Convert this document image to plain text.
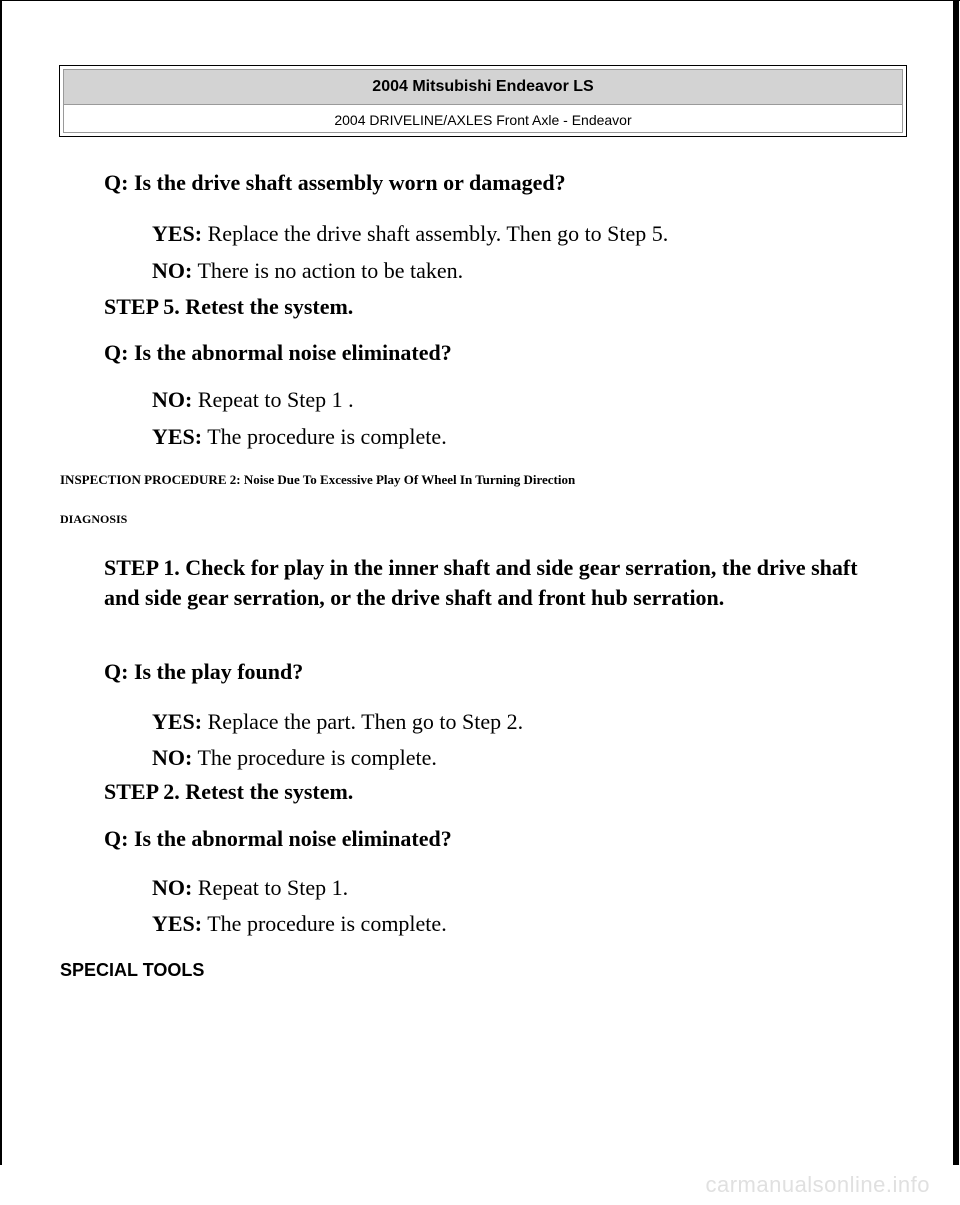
2004 Mitsubishi Endeavor LS
2004 DRIVELINE/AXLES Front Axle - Endeavor
Q: Is the drive shaft assembly worn or damaged?
YES: Replace the drive shaft assembly. Then go to Step 5.
NO: There is no action to be taken.
STEP 5. Retest the system.
Q: Is the abnormal noise eliminated?
NO: Repeat to Step 1 .
YES: The procedure is complete.
INSPECTION PROCEDURE 2: Noise Due To Excessive Play Of Wheel In Turning Direction
DIAGNOSIS
STEP 1. Check for play in the inner shaft and side gear serration, the drive shaft and side gear serration, or the drive shaft and front hub serration.
Q: Is the play found?
YES: Replace the part. Then go to Step 2.
NO: The procedure is complete.
STEP 2. Retest the system.
Q: Is the abnormal noise eliminated?
NO: Repeat to Step 1.
YES: The procedure is complete.
SPECIAL TOOLS
carmanualsonline.info
